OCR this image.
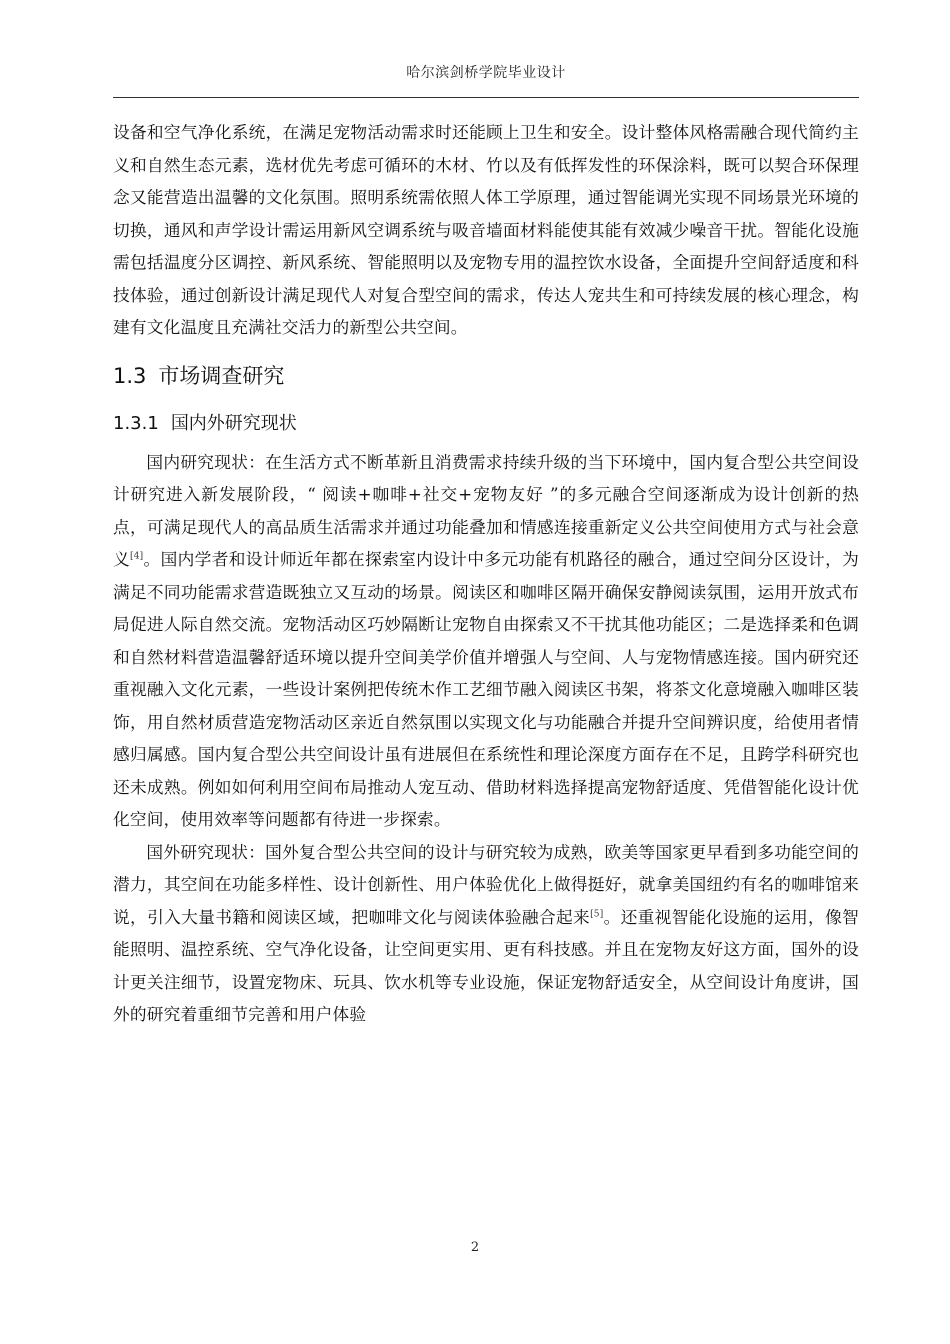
哈尔滨剑桥学院毕业设计

设备和空气净化系统，在满足宠物活动需求时还能顾上卫生和安全。设计整体风格需融合现代简约主义和自然生态元素，选材优先考虑可循环的木材、竹以及有低挥发性的环保涂料，既可以契合环保理念又能营造出温馨的文化氛围。照明系统需依照人体工学原理，通过智能调光实现不同场景光环境的切换，通风和声学设计需运用新风空调系统与吸音墙面材料能使其能有效减少噪音干扰。智能化设施需包括温度分区调控、新风系统、智能照明以及宠物专用的温控饮水设备，全面提升空间舒适度和科技体验，通过创新设计满足现代人对复合型空间的需求，传达人宠共生和可持续发展的核心理念，构建有文化温度且充满社交活力的新型公共空间。

1.3 市场调查研究
1.3.1 国内外研究现状

国内研究现状：在生活方式不断革新且消费需求持续升级的当下环境中，国内复合型公共空间设计研究进入新发展阶段，“ 阅读+咖啡+社交+宠物友好 ”的多元融合空间逐渐成为设计创新的热点，可满足现代人的高品质生活需求并通过功能叠加和情感连接重新定义公共空间使用方式与社会意义[4]。国内学者和设计师近年都在探索室内设计中多元功能有机路径的融合，通过空间分区设计，为满足不同功能需求营造既独立又互动的场景。阅读区和咖啡区隔开确保安静阅读氛围，运用开放式布局促进人际自然交流。宠物活动区巧妙隔断让宠物自由探索又不干扰其他功能区；二是选择柔和色调和自然材料营造温馨舒适环境以提升空间美学价值并增强人与空间、人与宠物情感连接。国内研究还重视融入文化元素，一些设计案例把传统木作工艺细节融入阅读区书架，将茶文化意境融入咖啡区装饰，用自然材质营造宠物活动区亲近自然氛围以实现文化与功能融合并提升空间辨识度，给使用者情感归属感。国内复合型公共空间设计虽有进展但在系统性和理论深度方面存在不足，且跨学科研究也还未成熟。例如如何利用空间布局推动人宠互动、借助材料选择提高宠物舒适度、凭借智能化设计优化空间，使用效率等问题都有待进一步探索。

国外研究现状：国外复合型公共空间的设计与研究较为成熟，欧美等国家更早看到多功能空间的潜力，其空间在功能多样性、设计创新性、用户体验优化上做得挺好，就拿美国纽约有名的咖啡馆来说，引入大量书籍和阅读区域，把咖啡文化与阅读体验融合起来[5]。还重视智能化设施的运用，像智能照明、温控系统、空气净化设备，让空间更实用、更有科技感。并且在宠物友好这方面，国外的设计更关注细节，设置宠物床、玩具、饮水机等专业设施，保证宠物舒适安全，从空间设计角度讲，国外的研究着重细节完善和用户体验

2
